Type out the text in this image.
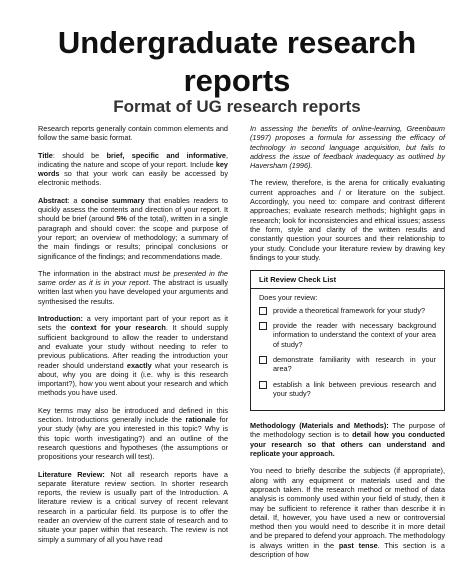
Undergraduate research
reports
Format of UG research reports

Research reports generally contain common elements and follow the same basic format.

Title: should be brief, specific and informative, indicating the nature and scope of your report. Include key words so that your work can easily be accessed by electronic methods.

Abstract: a concise summary that enables readers to quickly assess the contents and direction of your report. It should be brief (around 5% of the total), written in a single paragraph and should cover: the scope and purpose of your report; an overview of methodology; a summary of the main findings or results; principal conclusions or significance of the findings; and recommendations made.

The information in the abstract must be presented in the same order as it is in your report. The abstract is usually written last when you have developed your arguments and synthesised the results.

Introduction: a very important part of your report as it sets the context for your research. It should supply sufficient background to allow the reader to understand and evaluate your study without needing to refer to previous publications. After reading the introduction your reader should understand exactly what your research is about, why you are doing it (i.e. why is this research important?), how you went about your research and which methods you have used.

Key terms may also be introduced and defined in this section. Introductions generally include the rationale for your study (why are you interested in this topic? Why is this topic worth investigating?) and an outline of the research questions and hypotheses (the assumptions or propositions your research will test).

Literature Review: Not all research reports have a separate literature review section. In shorter research reports, the review is usually part of the Introduction. A literature review is a critical survey of recent relevant research in a particular field. Its purpose is to offer the reader an overview of the current state of research and to situate your paper within that research. The review is not simply a summary of all you have read

In assessing the benefits of online-learning, Greenbaum (1997) proposes a formula for assessing the efficacy of technology in second language acquisition, but fails to address the issue of feedback inadequacy as outlined by Haversham (1996).

The review, therefore, is the arena for critically evaluating current approaches and / or literature on the subject. Accordingly, you need to: compare and contrast different approaches; evaluate research methods; highlight gaps in research; look for inconsistencies and ethical issues; assess the form, style and clarity of the written results and constantly question your sources and their relationship to your study. Conclude your literature review by drawing key findings to your study.

Lit Review Check List
Does your review:
provide a theoretical framework for your study?
provide the reader with necessary background information to understand the context of your area of study?
demonstrate familiarity with research in your area?
establish a link between previous research and your study?

Methodology (Materials and Methods): The purpose of the methodology section is to detail how you conducted your research so that others can understand and replicate your approach.

You need to briefly describe the subjects (if appropriate), along with any equipment or materials used and the approach taken. If the research method or method of data analysis is commonly used within your field of study, then it may be sufficient to reference it rather than describe it in detail. If, however, you have used a new or controversial method then you would need to describe it in more detail and be prepared to defend your approach. The methodology is always written in the past tense. This section is a description of how
